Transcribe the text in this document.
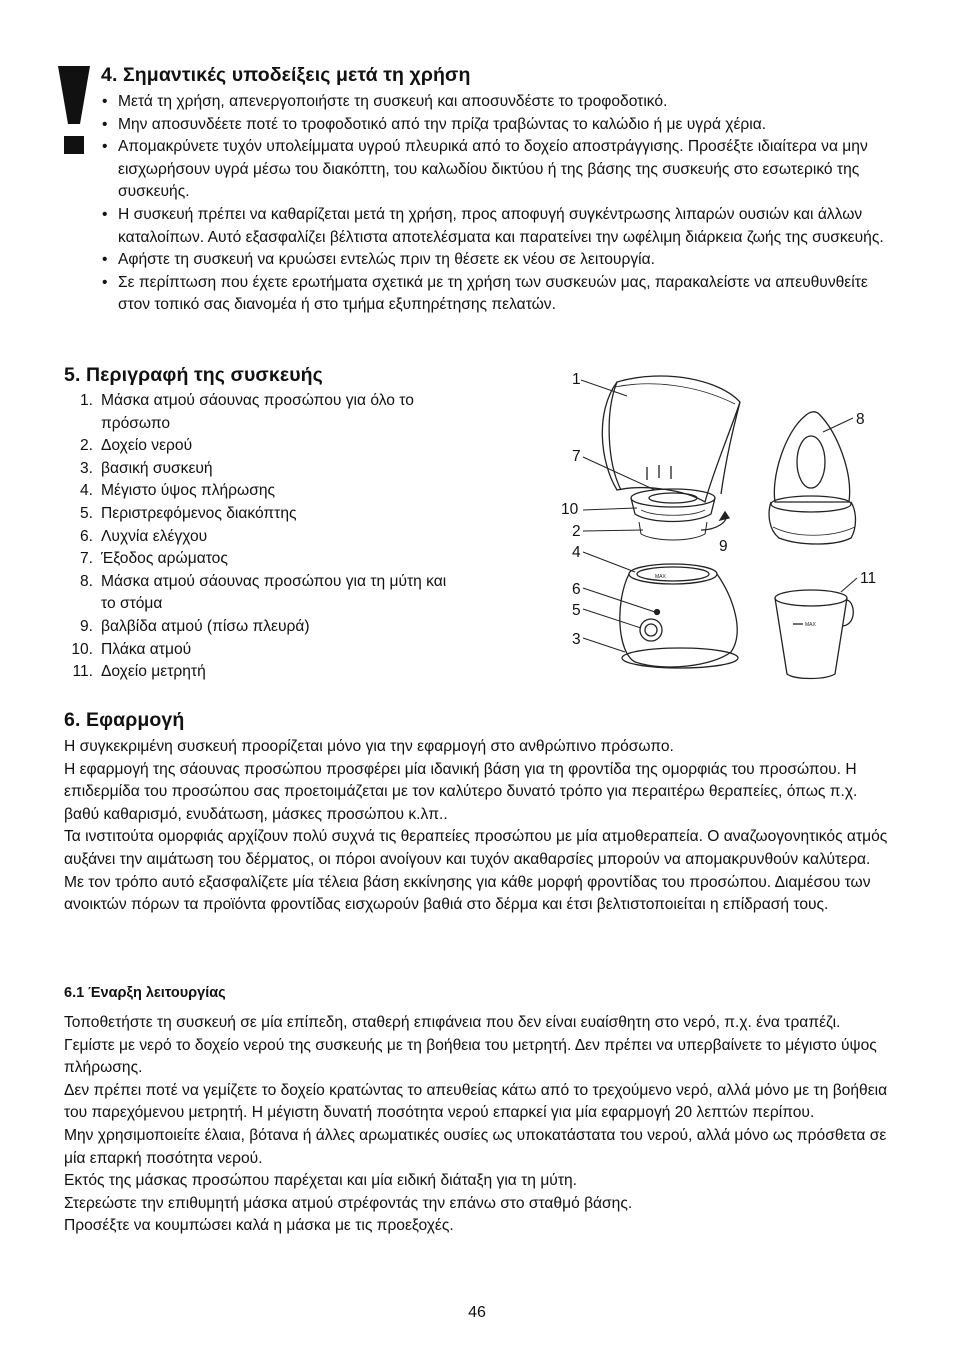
4. Σημαντικές υποδείξεις μετά τη χρήση
• Μετά τη χρήση, απενεργοποιήστε τη συσκευή και αποσυνδέστε το τροφοδοτικό.
• Μην αποσυνδέετε ποτέ το τροφοδοτικό από την πρίζα τραβώντας το καλώδιο ή με υγρά χέρια.
• Απομακρύνετε τυχόν υπολείμματα υγρού πλευρικά από το δοχείο αποστράγγισης. Προσέξτε ιδιαίτερα να μην εισχωρήσουν υγρά μέσω του διακόπτη, του καλωδίου δικτύου ή της βάσης της συσκευής στο εσωτερικό της συσκευής.
• Η συσκευή πρέπει να καθαρίζεται μετά τη χρήση, προς αποφυγή συγκέντρωσης λιπαρών ουσιών και άλλων καταλοίπων. Αυτό εξασφαλίζει βέλτιστα αποτελέσματα και παρατείνει την ωφέλιμη διάρκεια ζωής της συσκευής.
• Αφήστε τη συσκευή να κρυώσει εντελώς πριν τη θέσετε εκ νέου σε λειτουργία.
• Σε περίπτωση που έχετε ερωτήματα σχετικά με τη χρήση των συσκευών μας, παρακαλείστε να απευθυνθείτε στον τοπικό σας διανομέα ή στο τμήμα εξυπηρέτησης πελατών.
5. Περιγραφή της συσκευής
1. Μάσκα ατμού σάουνας προσώπου για όλο το πρόσωπο
2. Δοχείο νερού
3. βασική συσκευή
4. Μέγιστο ύψος πλήρωσης
5. Περιστρεφόμενος διακόπτης
6. Λυχνία ελέγχου
7. Έξοδος αρώματος
8. Μάσκα ατμού σάουνας προσώπου για τη μύτη και το στόμα
9. βαλβίδα ατμού (πίσω πλευρά)
10. Πλάκα ατμού
11. Δοχείο μετρητή
MAX
MAX
1
7
10
2
4
6
5
3
8
9
11
6. Εφαρμογή

Η συγκεκριμένη συσκευή προορίζεται μόνο για την εφαρμογή στο ανθρώπινο πρόσωπο.

Η εφαρμογή της σάουνας προσώπου προσφέρει μία ιδανική βάση για τη φροντίδα της ομορφιάς του προσώπου. Η επιδερμίδα του προσώπου σας προετοιμάζεται με τον καλύτερο δυνατό τρόπο για περαιτέρω θεραπείες, όπως π.χ. βαθύ καθαρισμό, ενυδάτωση, μάσκες προσώπου κ.λπ..

Τα ινστιτούτα ομορφιάς αρχίζουν πολύ συχνά τις θεραπείες προσώπου με μία ατμοθεραπεία. Ο αναζωογονητικός ατμός αυξάνει την αιμάτωση του δέρματος, οι πόροι ανοίγουν και τυχόν ακαθαρσίες μπορούν να απομακρυνθούν καλύτερα.

Με τον τρόπο αυτό εξασφαλίζετε μία τέλεια βάση εκκίνησης για κάθε μορφή φροντίδας του προσώπου. Διαμέσου των ανοικτών πόρων τα προϊόντα φροντίδας εισχωρούν βαθιά στο δέρμα και έτσι βελτιστοποιείται η επίδρασή τους.

6.1 Έναρξη λειτουργίας

Τοποθετήστε τη συσκευή σε μία επίπεδη, σταθερή επιφάνεια που δεν είναι ευαίσθητη στο νερό, π.χ. ένα τραπέζι.

Γεμίστε με νερό το δοχείο νερού της συσκευής με τη βοήθεια του μετρητή. Δεν πρέπει να υπερβαίνετε το μέγιστο ύψος πλήρωσης.

Δεν πρέπει ποτέ να γεμίζετε το δοχείο κρατώντας το απευθείας κάτω από το τρεχούμενο νερό, αλλά μόνο με τη βοήθεια του παρεχόμενου μετρητή. Η μέγιστη δυνατή ποσότητα νερού επαρκεί για μία εφαρμογή 20 λεπτών περίπου.

Μην χρησιμοποιείτε έλαια, βότανα ή άλλες αρωματικές ουσίες ως υποκατάστατα του νερού, αλλά μόνο ως πρόσθετα σε μία επαρκή ποσότητα νερού.

Εκτός της μάσκας προσώπου παρέχεται και μία ειδική διάταξη για τη μύτη.

Στερεώστε την επιθυμητή μάσκα ατμού στρέφοντάς την επάνω στο σταθμό βάσης.

Προσέξτε να κουμπώσει καλά η μάσκα με τις προεξοχές.

46
